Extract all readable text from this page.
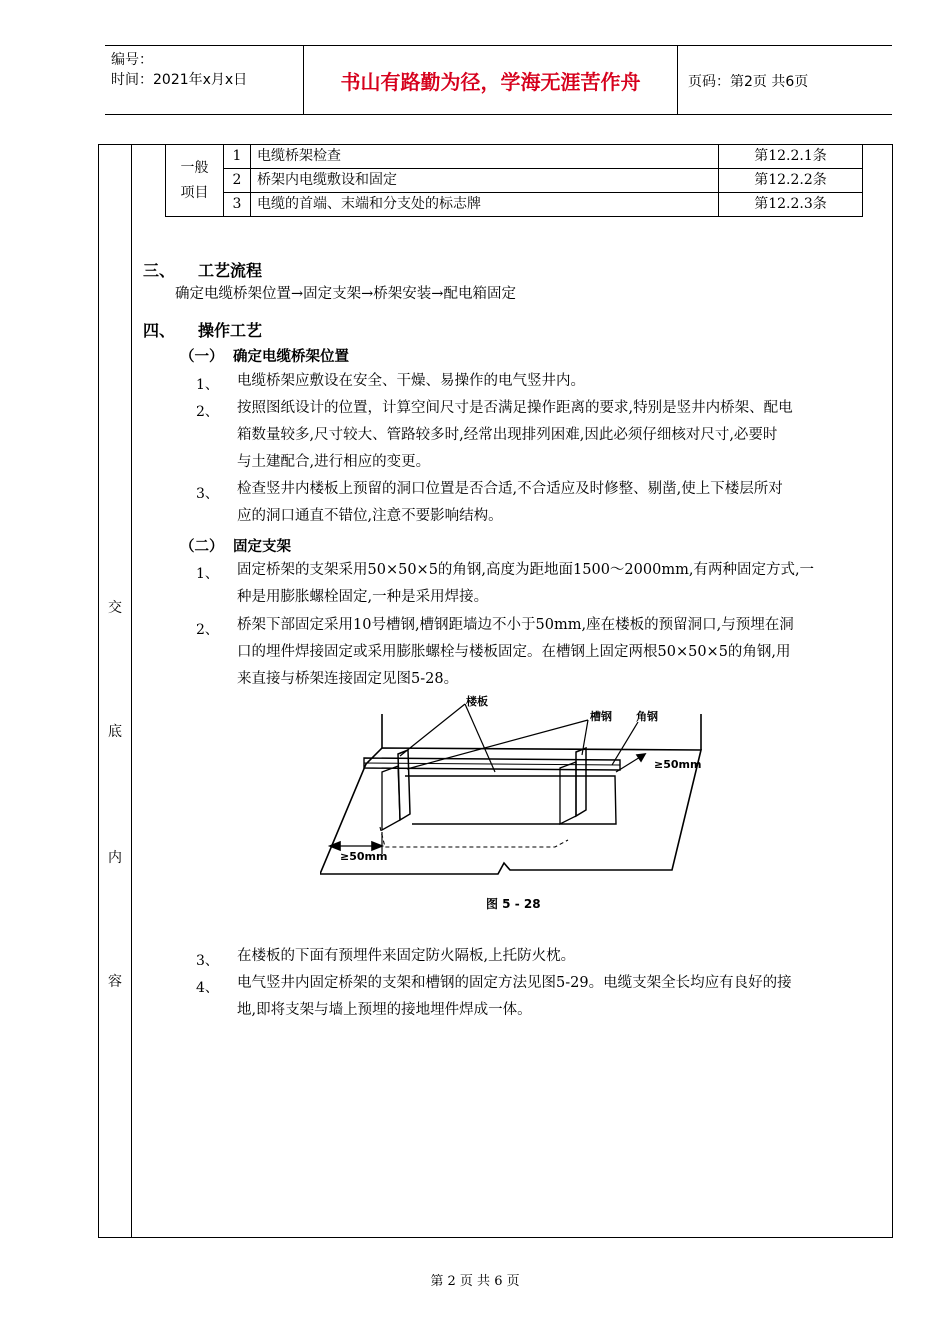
编号：
时间：2021年x月x日	书山有路勤为径，学海无涯苦作舟	页码：第2页 共6页
交
底
内
容
一般
项目	1	电缆桥架检查	第12.2.1条
	2	桥架内电缆敷设和固定	第12.2.2条
	3	电缆的首端、末端和分支处的标志牌	第12.2.3条
三、 工艺流程
确定电缆桥架位置→固定支架→桥架安装→配电箱固定
四、 操作工艺
（一） 确定电缆桥架位置
1、 电缆桥架应敷设在安全、干燥、易操作的电气竖井内。
2、 按照图纸设计的位置，计算空间尺寸是否满足操作距离的要求,特别是竖井内桥架、配电
箱数量较多,尺寸较大、管路较多时,经常出现排列困难,因此必须仔细核对尺寸,必要时
与土建配合,进行相应的变更。
3、 检查竖井内楼板上预留的洞口位置是否合适,不合适应及时修整、剔凿,使上下楼层所对
应的洞口通直不错位,注意不要影响结构。
（二） 固定支架
1、 固定桥架的支架采用50×50×5的角钢,高度为距地面1500～2000mm,有两种固定方式,一
种是用膨胀螺栓固定,一种是采用焊接。
2、 桥架下部固定采用10号槽钢,槽钢距墙边不小于50mm,座在楼板的预留洞口,与预埋在洞
口的埋件焊接固定或采用膨胀螺栓与楼板固定。在槽钢上固定两根50×50×5的角钢,用
来直接与桥架连接固定见图5-28。
楼板
槽钢 角钢
≥50mm
≥50mm
图 5 - 28
3、 在楼板的下面有预埋件来固定防火隔板,上托防火枕。
4、 电气竖井内固定桥架的支架和槽钢的固定方法见图5-29。电缆支架全长均应有良好的接
地,即将支架与墙上预埋的接地埋件焊成一体。
第 2 页 共 6 页
